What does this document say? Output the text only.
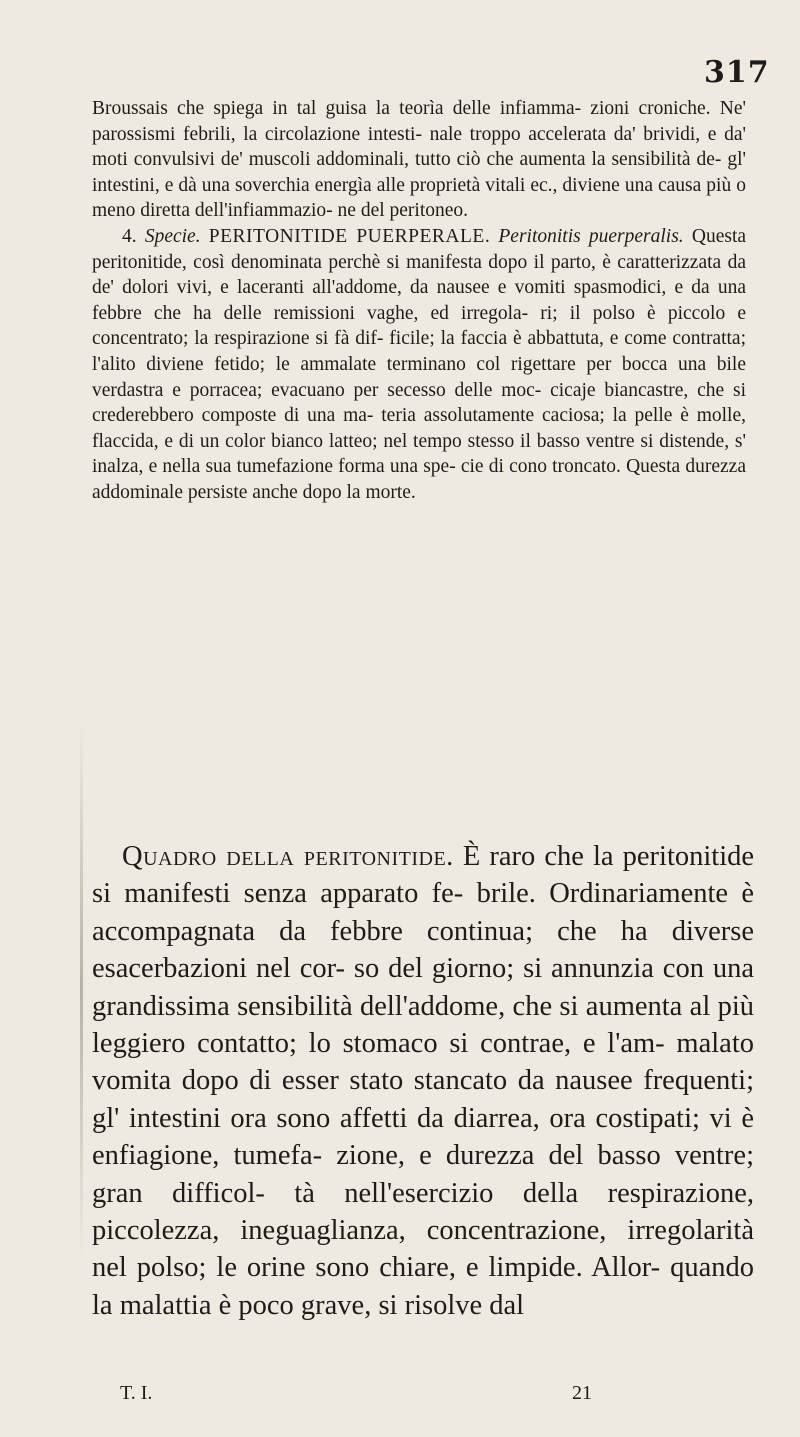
317

Broussais che spiega in tal guisa la teorìa delle infiamma- zioni croniche. Ne' parossismi febrili, la circolazione intesti- nale troppo accelerata da' brividi, e da' moti convulsivi de' muscoli addominali, tutto ciò che aumenta la sensibilità de- gl' intestini, e dà una soverchia energìa alle proprietà vitali ec., diviene una causa più o meno diretta dell'infiammazio- ne del peritoneo.

4. Specie. PERITONITIDE PUERPERALE. Peritonitis puerperalis. Questa peritonitide, così denominata perchè si manifesta dopo il parto, è caratterizzata da de' dolori vivi, e laceranti all'addome, da nausee e vomiti spasmodici, e da una febbre che ha delle remissioni vaghe, ed irregola- ri; il polso è piccolo e concentrato; la respirazione si fà dif- ficile; la faccia è abbattuta, e come contratta; l'alito diviene fetido; le ammalate terminano col rigettare per bocca una bile verdastra e porracea; evacuano per secesso delle moc- cicaje biancastre, che si crederebbero composte di una ma- teria assolutamente caciosa; la pelle è molle, flaccida, e di un color bianco latteo; nel tempo stesso il basso ventre si distende, s' inalza, e nella sua tumefazione forma una spe- cie di cono troncato. Questa durezza addominale persiste anche dopo la morte.

Quadro della peritonitide. È raro che la peritonitide si manifesti senza apparato fe- brile. Ordinariamente è accompagnata da febbre continua; che ha diverse esacerbazioni nel cor- so del giorno; si annunzia con una grandissima sensibilità dell'addome, che si aumenta al più leggiero contatto; lo stomaco si contrae, e l'am- malato vomita dopo di esser stato stancato da nausee frequenti; gl' intestini ora sono affetti da diarrea, ora costipati; vi è enfiagione, tumefa- zione, e durezza del basso ventre; gran difficol- tà nell'esercizio della respirazione, piccolezza, ineguaglianza, concentrazione, irregolarità nel polso; le orine sono chiare, e limpide. Allor- quando la malattia è poco grave, si risolve dal

T. I.	21
